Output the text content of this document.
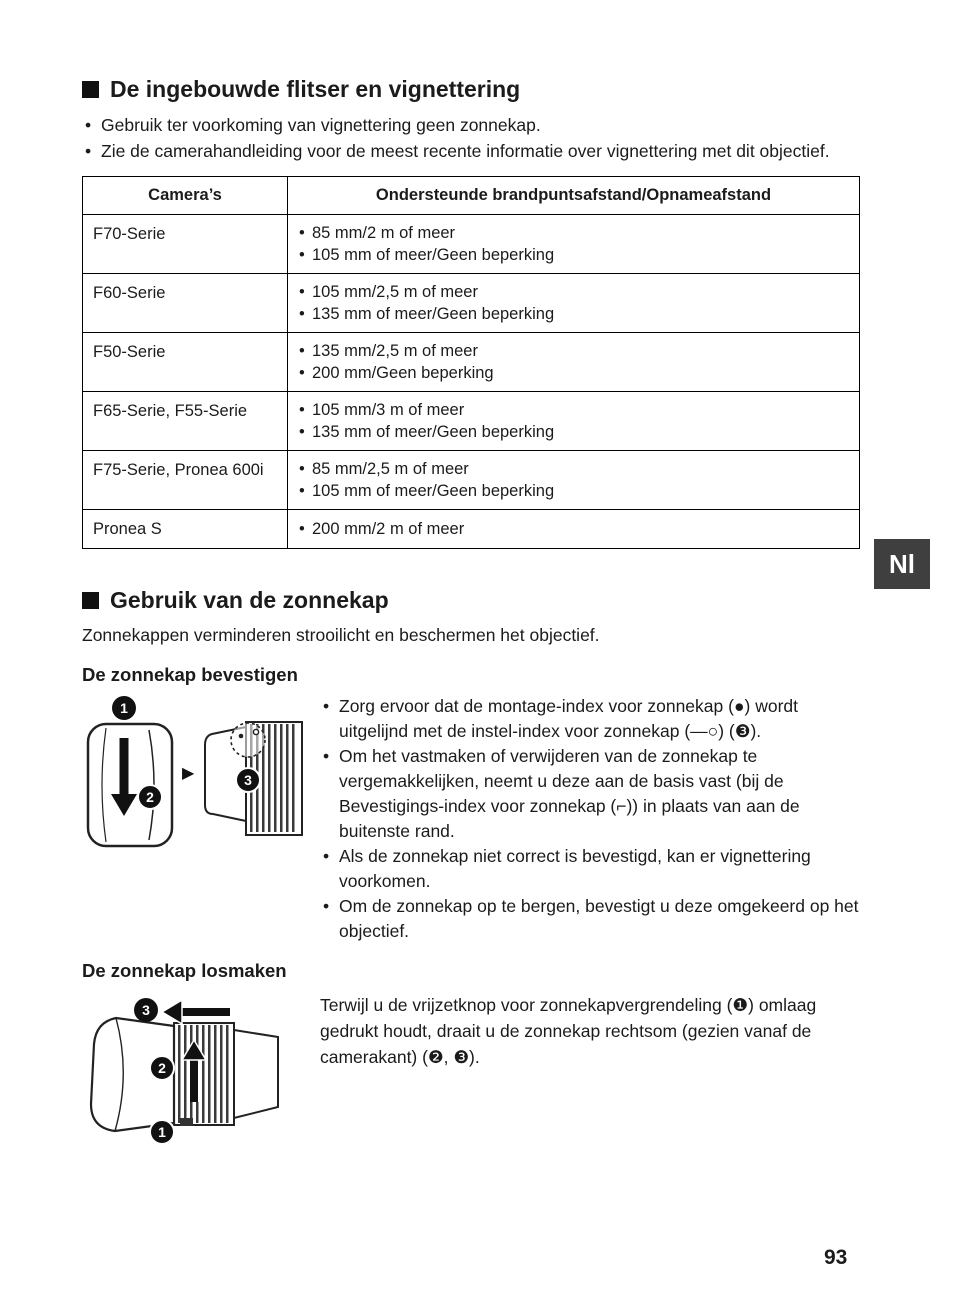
De ingebouwde flitser en vignettering
• Gebruik ter voorkoming van vignettering geen zonnekap.
• Zie de camerahandleiding voor de meest recente informatie over vignettering met dit objectief.
Camera’s	Ondersteunde brandpuntsafstand/Opnameafstand
F70-Serie	• 85 mm/2 m of meer
• 105 mm of meer/Geen beperking

F60-Serie	• 105 mm/2,5 m of meer
• 135 mm of meer/Geen beperking

F50-Serie	• 135 mm/2,5 m of meer
• 200 mm/Geen beperking

F65-Serie, F55-Serie	• 105 mm/3 m of meer
• 135 mm of meer/Geen beperking

F75-Serie, Pronea 600i	• 85 mm/2,5 m of meer
• 105 mm of meer/Geen beperking

Pronea S	• 200 mm/2 m of meer
Gebruik van de zonnekap

Zonnekappen verminderen strooilicht en beschermen het objectief.

De zonnekap bevestigen
1
2
▶	3
• Zorg ervoor dat de montage-index voor zonnekap (●) wordt uitgelijnd met de instel-index voor zonnekap (—○) (❸).
• Om het vastmaken of verwijderen van de zonnekap te vergemakkelijken, neemt u deze aan de basis vast (bij de Bevestigings-index voor zonnekap (⌐)) in plaats van aan de buitenste rand.
• Als de zonnekap niet correct is bevestigd, kan er vignettering voorkomen.
• Om de zonnekap op te bergen, bevestigt u deze omgekeerd op het objectief.
De zonnekap losmaken
3
2
1

Terwijl u de vrijzetknop voor zonnekapvergrendeling (❶) omlaag gedrukt houdt, draait u de zonnekap rechtsom (gezien vanaf de camerakant) (❷, ❸).

Nl
93
